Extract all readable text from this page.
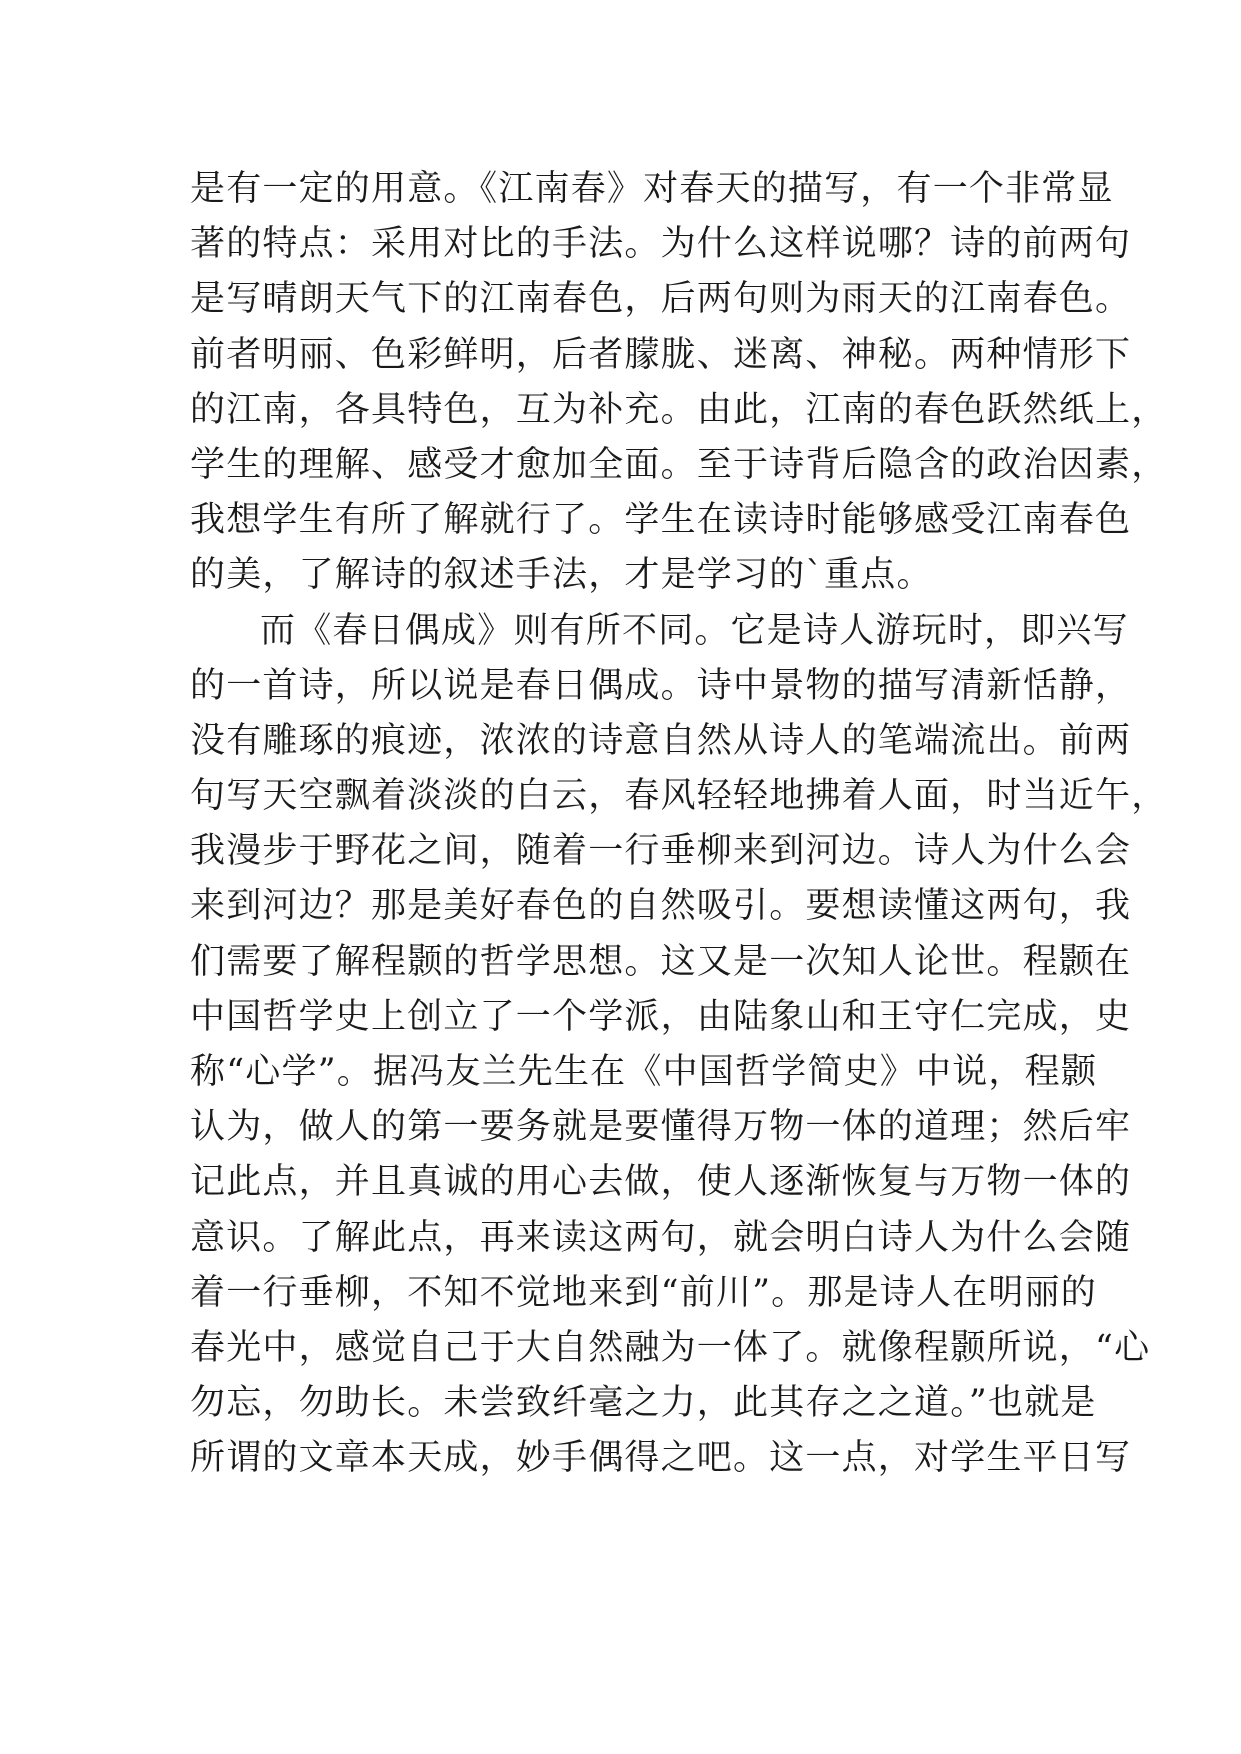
是有一定的用意。《江南春》对春天的描写，有一个非常显
著的特点：采用对比的手法。为什么这样说哪？诗的前两句
是写晴朗天气下的江南春色，后两句则为雨天的江南春色。
前者明丽、色彩鲜明，后者朦胧、迷离、神秘。两种情形下
的江南，各具特色，互为补充。由此，江南的春色跃然纸上，
学生的理解、感受才愈加全面。至于诗背后隐含的政治因素，
我想学生有所了解就行了。学生在读诗时能够感受江南春色
的美，了解诗的叙述手法，才是学习的`重点。
而《春日偶成》则有所不同。它是诗人游玩时，即兴写
的一首诗，所以说是春日偶成。诗中景物的描写清新恬静，
没有雕琢的痕迹，浓浓的诗意自然从诗人的笔端流出。前两
句写天空飘着淡淡的白云，春风轻轻地拂着人面，时当近午，
我漫步于野花之间，随着一行垂柳来到河边。诗人为什么会
来到河边？那是美好春色的自然吸引。要想读懂这两句，我
们需要了解程颢的哲学思想。这又是一次知人论世。程颢在
中国哲学史上创立了一个学派，由陆象山和王守仁完成，史
称“心学”。据冯友兰先生在《中国哲学简史》中说，程颢
认为，做人的第一要务就是要懂得万物一体的道理；然后牢
记此点，并且真诚的用心去做，使人逐渐恢复与万物一体的
意识。了解此点，再来读这两句，就会明白诗人为什么会随
着一行垂柳，不知不觉地来到“前川”。那是诗人在明丽的
春光中，感觉自己于大自然融为一体了。就像程颢所说，“心
勿忘，勿助长。未尝致纤毫之力，此其存之之道。”也就是
所谓的文章本天成，妙手偶得之吧。这一点，对学生平日写
